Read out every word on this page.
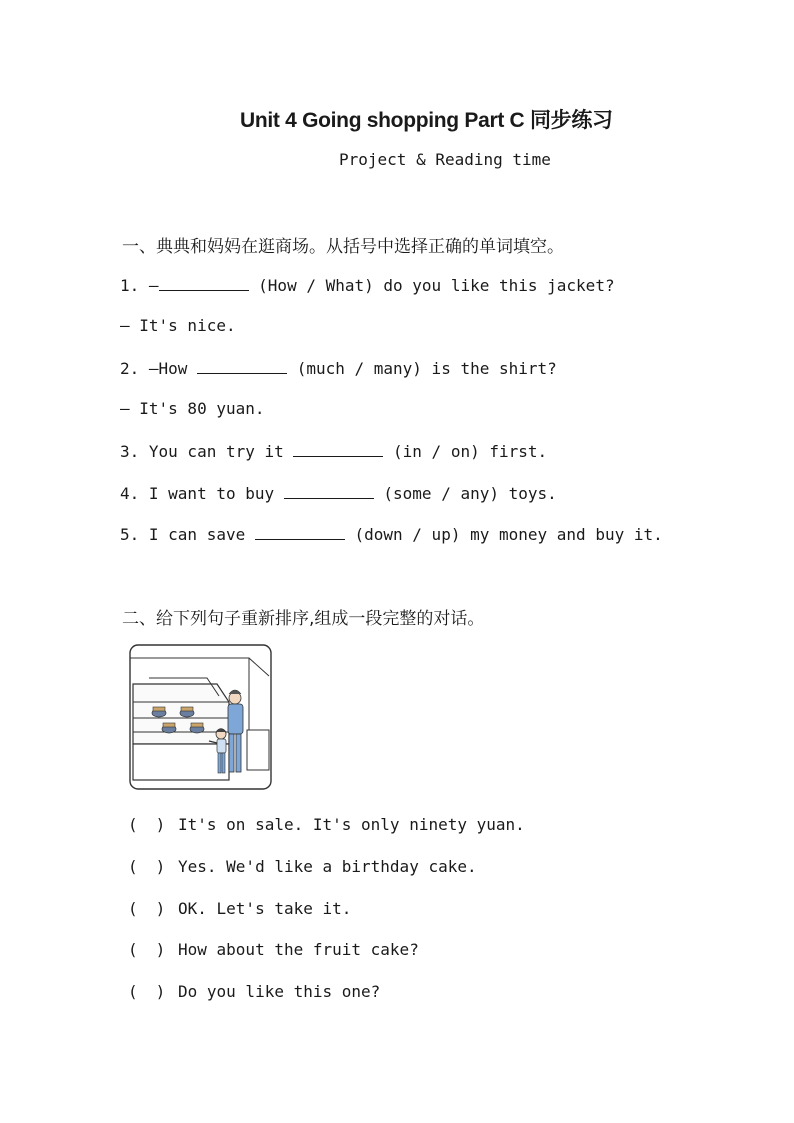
Unit 4 Going shopping Part C 同步练习
Project & Reading time
一、典典和妈妈在逛商场。从括号中选择正确的单词填空。
1. —	(How / What) do you like this jacket?
— It's nice.
2. —How	(much / many) is the shirt?
— It's 80 yuan.
3. You can try it	(in / on) first.
4. I want to buy	(some / any) toys.
5. I can save	(down / up) my money and buy it.
二、给下列句子重新排序,组成一段完整的对话。
( ) It's on sale. It's only ninety yuan.
( ) Yes. We'd like a birthday cake.
( ) OK. Let's take it.
( ) How about the fruit cake?
( ) Do you like this one?
